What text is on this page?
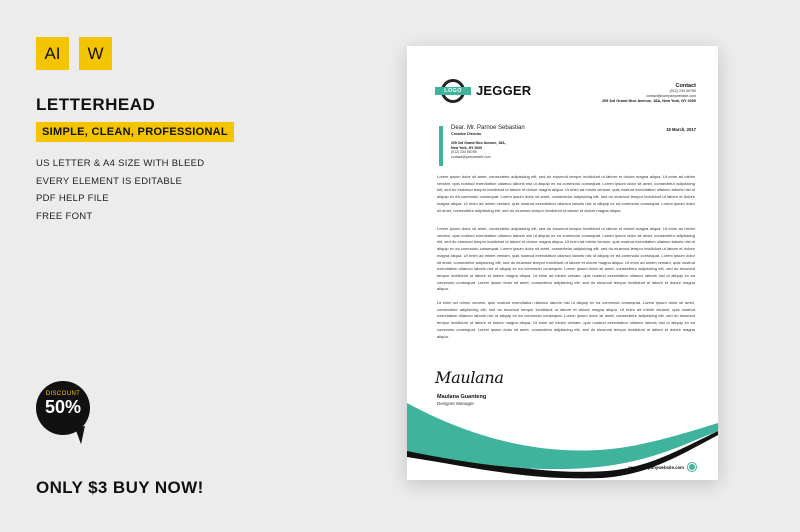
AI	W
LETTERHEAD
SIMPLE, CLEAN, PROFESSIONAL
US LETTER & A4 SIZE WITH BLEED
EVERY ELEMENT IS EDITABLE
PDF HELP FILE
FREE FONT
DISCOUNT
50%
ONLY $3 BUY NOW!
LOGO	JEGGER	Contact
(012) 234 56789
contact@companywebsite.com
205 3rd Grand Nice Avenue, 18A, New York, NY 2000
Dear. Mr. Parnoe Sebastian
Creative Director
205 3rd Grand Nice Avenue, 18A,
New York, NY 2000
(012) 234 56789
contact@parnoeweb.com
15 March, 2017

Lorem ipsum dolor sit amet, consectetur adipisicing elit, sed do eiusmod tempor incididunt ut labore et dolore magna aliqua. Ut enim ad minim veniam, quis nostrud exercitation ullamco laboris nisi ut aliquip ex ea commodo consequat. Lorem ipsum dolor sit amet, consectetur adipisicing elit, sed do eiusmod tempor incididunt ut labore et dolore magna aliqua. Ut enim ad minim veniam, quis nostrud exercitation ullamco laboris nisi ut aliquip ex ea commodo consequat. Lorem ipsum dolor sit amet, consectetur adipisicing elit, sed do eiusmod tempor incididunt ut labore et dolore magna aliqua. Ut enim ad minim veniam, quis nostrud exercitation ullamco laboris nisi ut aliquip ex ea commodo consequat. Lorem ipsum dolor sit amet, consectetur adipisicing elit, sed do eiusmod tempor incididunt ut labore et dolore magna aliqua.

Lorem ipsum dolor sit amet, consectetur adipisicing elit, sed do eiusmod tempor incididunt ut labore et dolore magna aliqua. Ut enim ad minim veniam, quis nostrud exercitation ullamco laboris nisi ut aliquip ex ea commodo consequat. Lorem ipsum dolor sit amet, consectetur adipisicing elit, sed do eiusmod tempor incididunt ut labore et dolore magna aliqua. Ut enim ad minim veniam, quis nostrud exercitation ullamco laboris nisi ut aliquip ex ea commodo consequat. Lorem ipsum dolor sit amet, consectetur adipisicing elit, sed do eiusmod tempor incididunt ut labore et dolore magna aliqua. Ut enim ad minim veniam, quis nostrud exercitation ullamco laboris nisi ut aliquip ex ea commodo consequat. Lorem ipsum dolor sit amet, consectetur adipisicing elit, sed do eiusmod tempor incididunt ut labore et dolore magna aliqua. Ut enim ad minim veniam, quis nostrud exercitation ullamco laboris nisi ut aliquip ex ea commodo consequat. Lorem ipsum dolor sit amet, consectetur adipisicing elit, sed do eiusmod tempor incididunt ut labore et dolore magna aliqua. Ut enim ad minim veniam, quis nostrud exercitation ullamco laboris nisi ut aliquip ex ea commodo consequat. Lorem ipsum dolor sit amet, consectetur adipisicing elit, sed do eiusmod tempor incididunt ut labore et dolore magna aliqua.

Ut enim ad minim veniam, quis nostrud exercitation ullamco laboris nisi ut aliquip ex ea commodo consequat. Lorem ipsum dolor sit amet, consectetur adipisicing elit, sed do eiusmod tempor incididunt ut labore et dolore magna aliqua. Ut enim ad minim veniam, quis nostrud exercitation ullamco laboris nisi ut aliquip ex ea commodo consequat. Lorem ipsum dolor sit amet, consectetur adipisicing elit, sed do eiusmod tempor incididunt ut labore et dolore magna aliqua. Ut enim ad minim veniam, quis nostrud exercitation ullamco laboris nisi ut aliquip ex ea commodo consequat. Lorem ipsum dolor sit amet, consectetur adipisicing elit, sed do eiusmod tempor incididunt ut labore et dolore magna aliqua.

Maulana
Maulana Guanteng
Designer Manager
www.companywebsite.com
